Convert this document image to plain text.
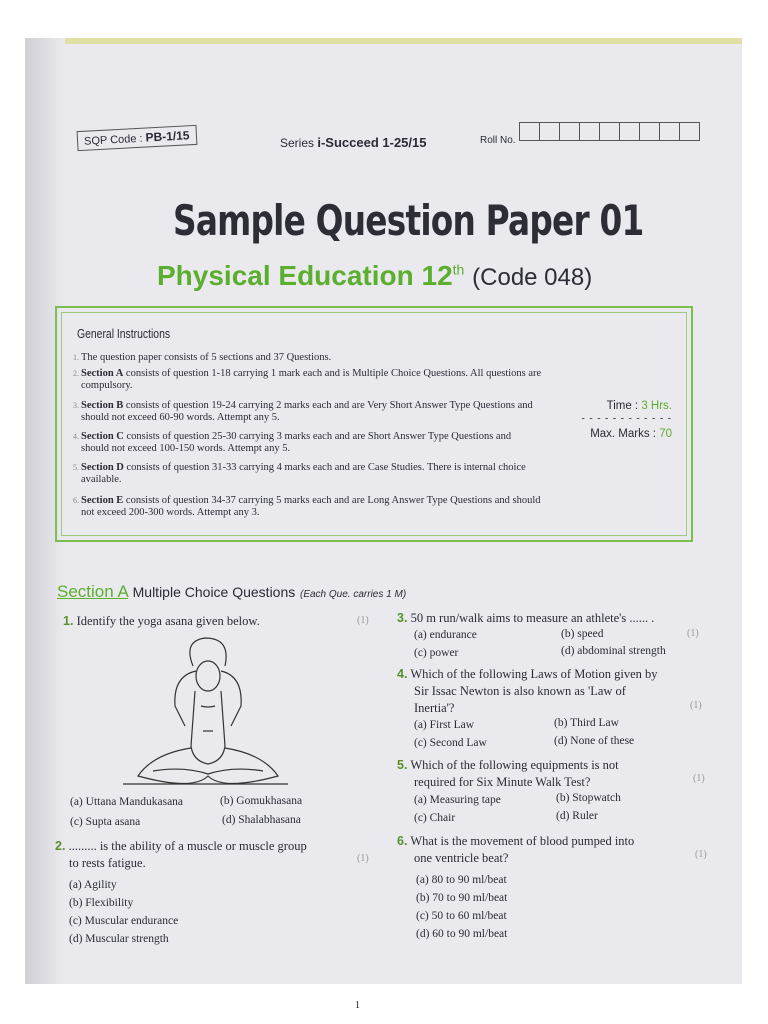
SQP Code : PB-1/15	Series i-Succeed 1-25/15	Roll No.
Sample Question Paper 01
Physical Education 12th (Code 048)
General Instructions
1. The question paper consists of 5 sections and 37 Questions.
2. Section A consists of question 1-18 carrying 1 mark each and is Multiple Choice Questions. All questions are compulsory.
3. Section B consists of question 19-24 carrying 2 marks each and are Very Short Answer Type Questions and should not exceed 60-90 words. Attempt any 5.
4. Section C consists of question 25-30 carrying 3 marks each and are Short Answer Type Questions and should not exceed 100-150 words. Attempt any 5.
5. Section D consists of question 31-33 carrying 4 marks each and are Case Studies. There is internal choice available.
6. Section E consists of question 34-37 carrying 5 marks each and are Long Answer Type Questions and should not exceed 200-300 words. Attempt any 3.
Time : 3 Hrs.
- - - - - - - - - - - -
Max. Marks : 70
Section A Multiple Choice Questions (Each Que. carries 1 M)
1. Identify the yoga asana given below.	(1)
(a) Uttana Mandukasana	(b) Gomukhasana
(c) Supta asana	(d) Shalabhasana
2. ......... is the ability of a muscle or muscle group
to rests fatigue.	(1)
(a) Agility
(b) Flexibility
(c) Muscular endurance
(d) Muscular strength
3. 50 m run/walk aims to measure an athlete's ...... .
(1)
(a) endurance	(b) speed
(c) power	(d) abdominal strength
4. Which of the following Laws of Motion given by
Sir Issac Newton is also known as 'Law of
Inertia'?	(1)
(a) First Law	(b) Third Law
(c) Second Law	(d) None of these
5. Which of the following equipments is not
required for Six Minute Walk Test?	(1)
(a) Measuring tape	(b) Stopwatch
(c) Chair	(d) Ruler
6. What is the movement of blood pumped into
one ventricle beat?	(1)
(a) 80 to 90 ml/beat
(b) 70 to 90 ml/beat
(c) 50 to 60 ml/beat
(d) 60 to 90 ml/beat
1
